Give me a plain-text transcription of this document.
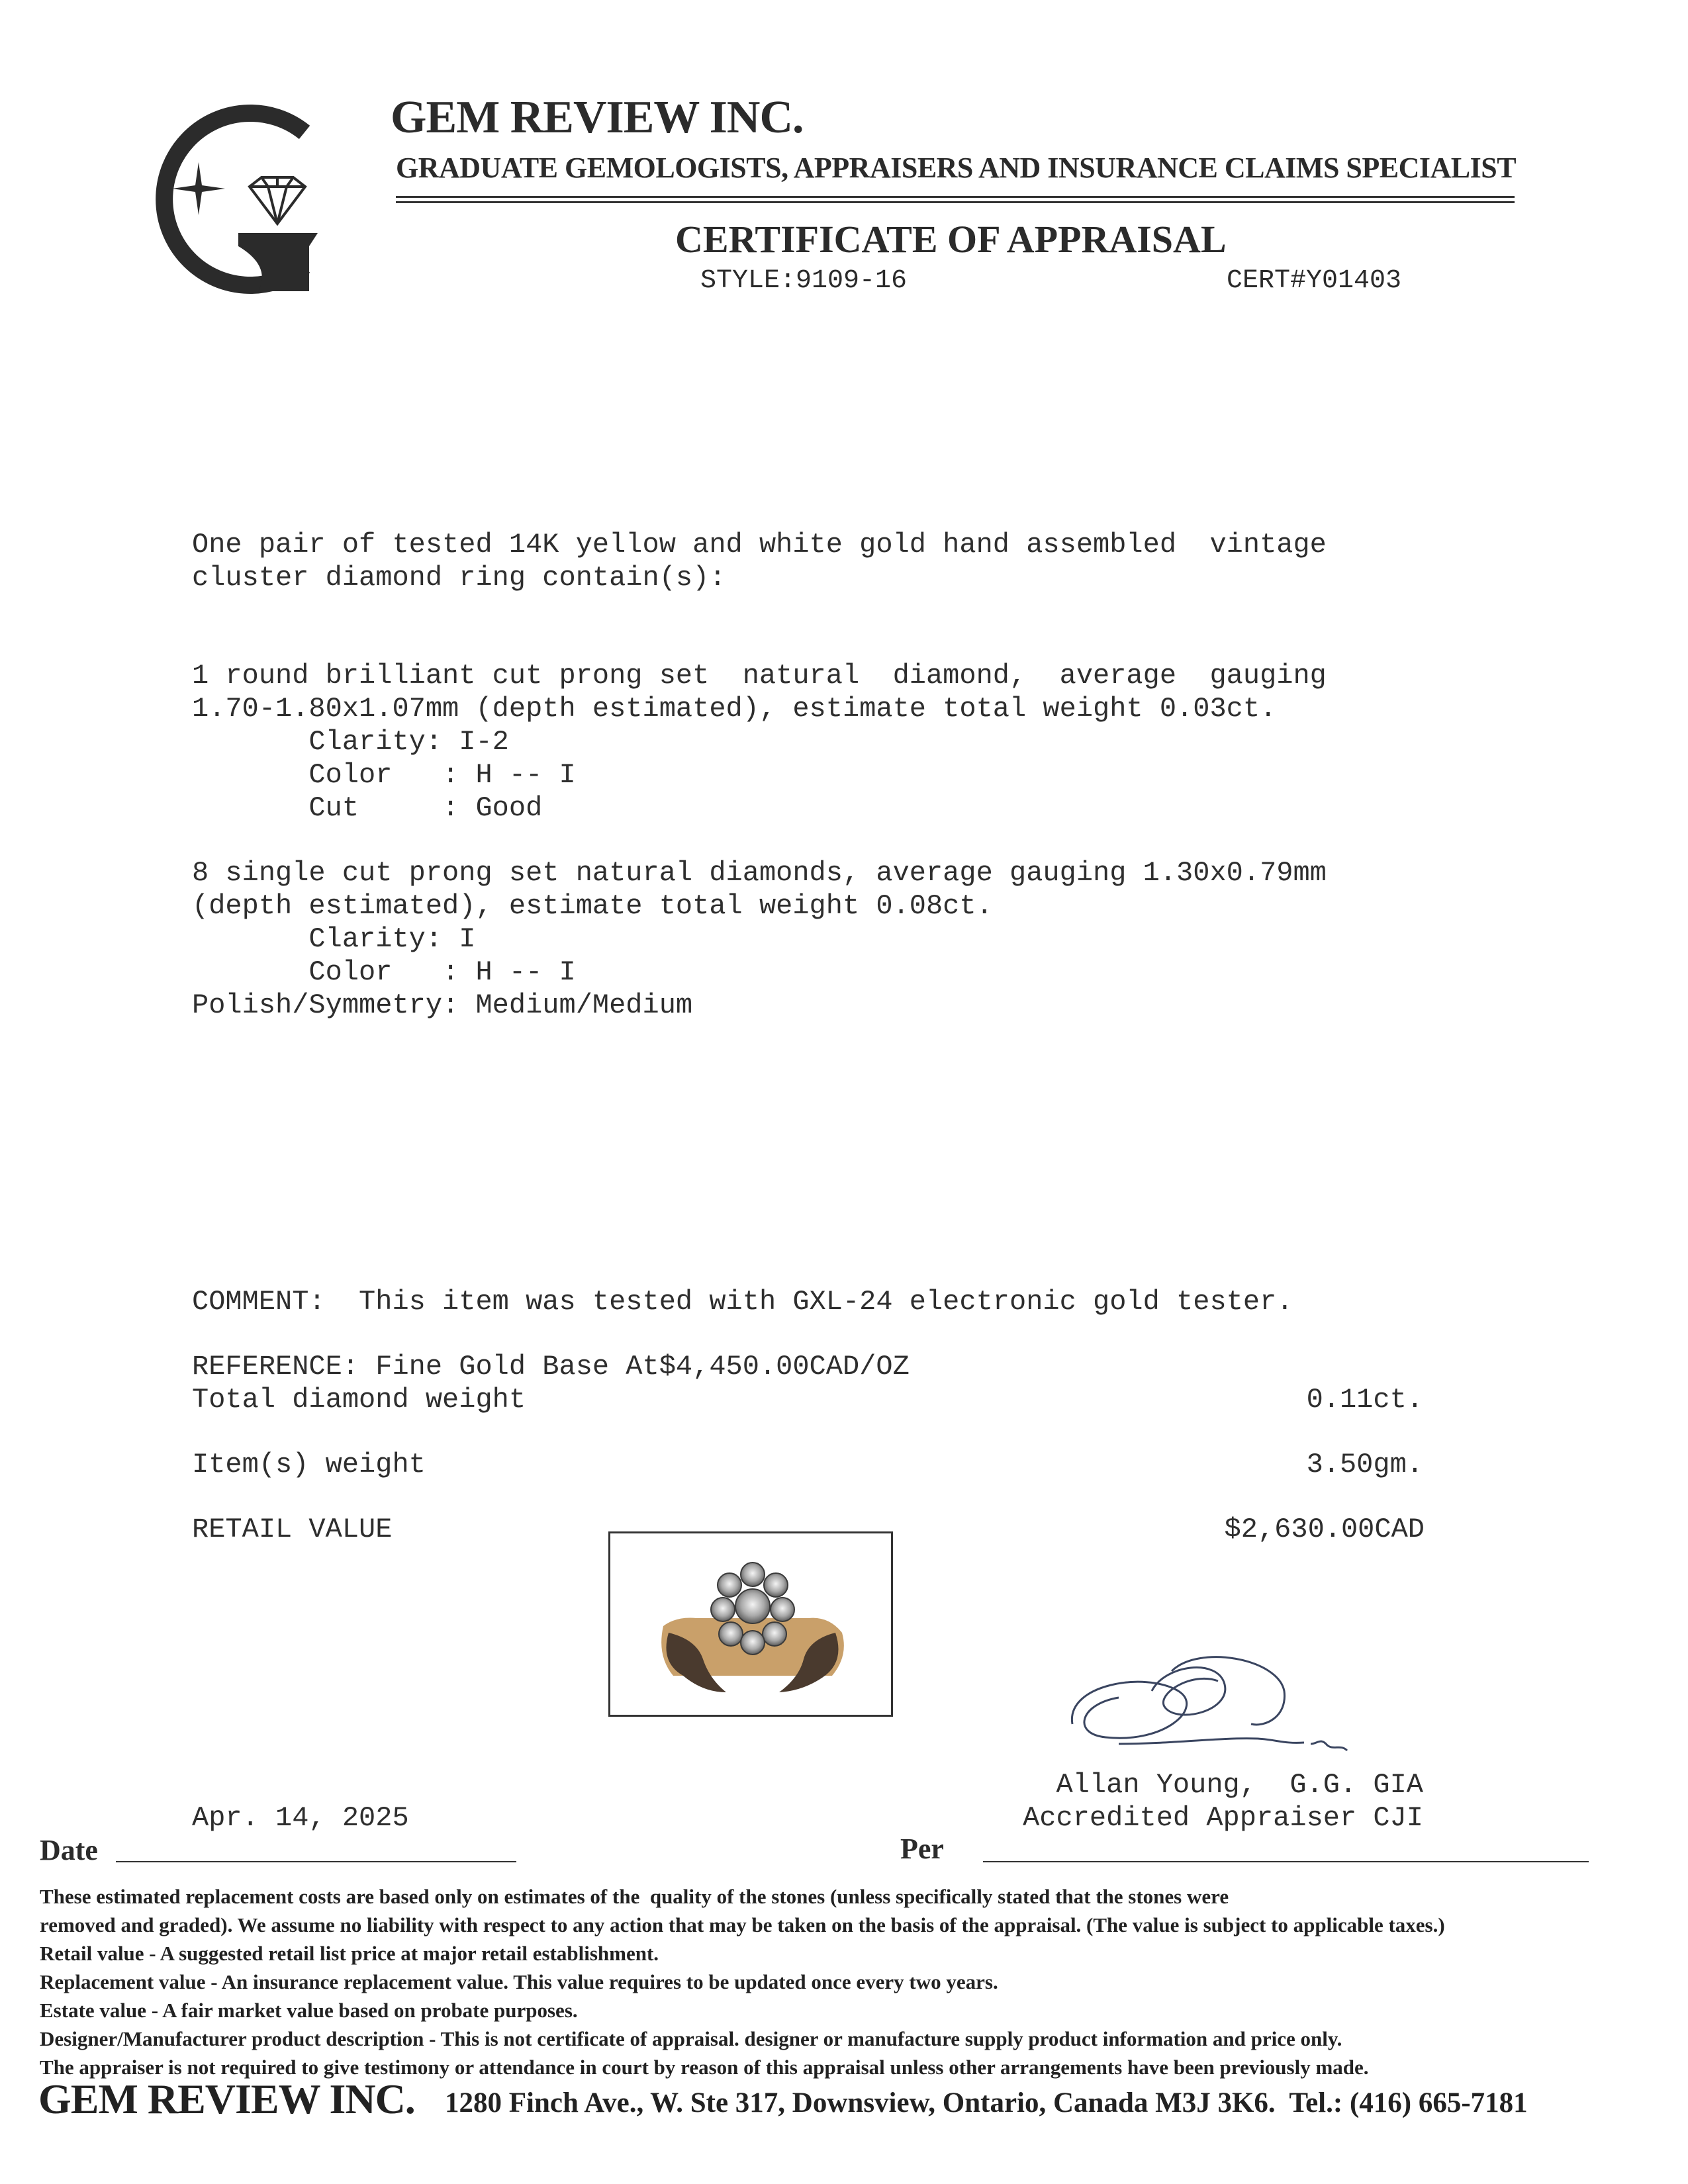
GEM REVIEW INC.
GRADUATE GEMOLOGISTS, APPRAISERS AND INSURANCE CLAIMS SPECIALIST
CERTIFICATE OF APPRAISAL
STYLE:9109-16	CERT#Y01403
One pair of tested 14K yellow and white gold hand assembled  vintage
cluster diamond ring contain(s):
1 round brilliant cut prong set  natural  diamond,  average  gauging
1.70-1.80x1.07mm (depth estimated), estimate total weight 0.03ct.
Clarity: I-2
Color   : H -- I
Cut     : Good
8 single cut prong set natural diamonds, average gauging 1.30x0.79mm
(depth estimated), estimate total weight 0.08ct.
Clarity: I
Color   : H -- I
Polish/Symmetry: Medium/Medium
COMMENT:  This item was tested with GXL-24 electronic gold tester.
REFERENCE: Fine Gold Base At$4,450.00CAD/OZ
Total diamond weight	0.11ct.
Item(s) weight	3.50gm.
RETAIL VALUE	$2,630.00CAD
Allan Young,  G.G. GIA
Accredited Appraiser CJI
Apr. 14, 2025
Date	Per
These estimated replacement costs are based only on estimates of the  quality of the stones (unless specifically stated that the stones were
removed and graded). We assume no liability with respect to any action that may be taken on the basis of the appraisal. (The value is subject to applicable taxes.)
Retail value - A suggested retail list price at major retail establishment.
Replacement value - An insurance replacement value. This value requires to be updated once every two years.
Estate value - A fair market value based on probate purposes.
Designer/Manufacturer product description - This is not certificate of appraisal. designer or manufacture supply product information and price only.
The appraiser is not required to give testimony or attendance in court by reason of this appraisal unless other arrangements have been previously made.
GEM REVIEW INC. 1280 Finch Ave., W. Ste 317, Downsview, Ontario, Canada M3J 3K6.  Tel.: (416) 665-7181
